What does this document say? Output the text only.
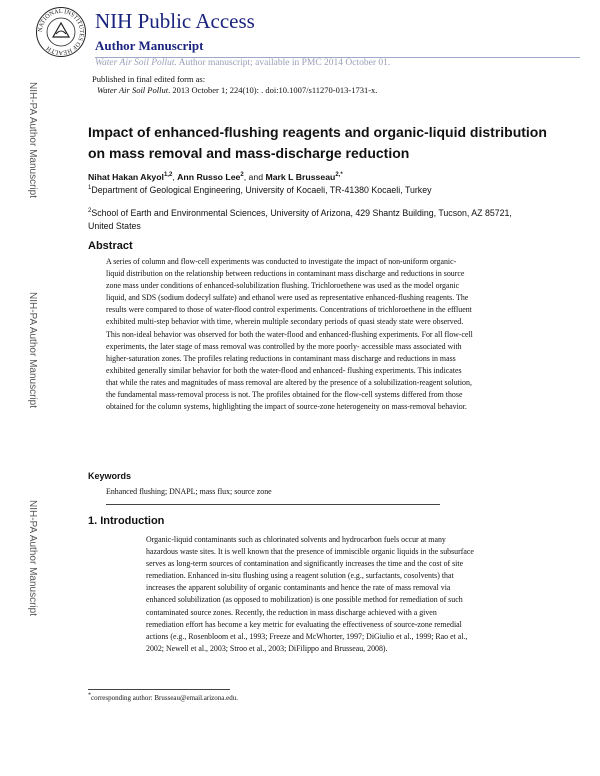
NATIONAL INSTITUTES OF HEALTH
NIH Public Access
Author Manuscript
Water Air Soil Pollut. Author manuscript; available in PMC 2014 October 01.
Published in final edited form as:
Water Air Soil Pollut. 2013 October 1; 224(10): . doi:10.1007/s11270-013-1731-x.
NIH-PA Author Manuscript
NIH-PA Author Manuscript
NIH-PA Author Manuscript
Impact of enhanced-flushing reagents and organic-liquid distribution on mass removal and mass-discharge reduction
Nihat Hakan Akyol$^{1,2}$, Ann Russo Lee$^2$, and Mark L Brusseau$^{2,*}$
$^1$Department of Geological Engineering, University of Kocaeli, TR-41380 Kocaeli, Turkey
$^2$School of Earth and Environmental Sciences, University of Arizona, 429 Shantz Building, Tucson, AZ 85721, United States
Abstract
A series of column and flow-cell experiments was conducted to investigate the impact of non-uniform organic-liquid distribution on the relationship between reductions in contaminant mass discharge and reductions in source zone mass under conditions of enhanced-solubilization flushing. Trichloroethene was used as the model organic liquid, and SDS (sodium dodecyl sulfate) and ethanol were used as representative enhanced-flushing reagents. The results were compared to those of water-flood control experiments. Concentrations of trichloroethene in the effluent exhibited multi-step behavior with time, wherein multiple secondary periods of quasi steady state were observed. This non-ideal behavior was observed for both the water-flood and enhanced-flushing experiments. For all flow-cell experiments, the later stage of mass removal was controlled by the more poorly- accessible mass associated with higher-saturation zones. The profiles relating reductions in contaminant mass discharge and reductions in mass exhibited generally similar behavior for both the water-flood and enhanced- flushing experiments. This indicates that while the rates and magnitudes of mass removal are altered by the presence of a solubilization-reagent solution, the fundamental mass-removal process is not. The profiles obtained for the flow-cell systems differed from those obtained for the column systems, highlighting the impact of source-zone heterogeneity on mass-removal behavior.
Keywords
Enhanced flushing; DNAPL; mass flux; source zone
1. Introduction
Organic-liquid contaminants such as chlorinated solvents and hydrocarbon fuels occur at many hazardous waste sites. It is well known that the presence of immiscible organic liquids in the subsurface serves as long-term sources of contamination and significantly increases the time and the cost of site remediation. Enhanced in-situ flushing using a reagent solution (e.g., surfactants, cosolvents) that increases the apparent solubility of organic contaminants and hence the rate of mass removal via enhanced solubilization (as opposed to mobilization) is one possible method for remediation of such contaminated source zones. Recently, the reduction in mass discharge achieved with a given remediation effort has become a key metric for evaluating the effectiveness of source-zone remedial actions (e.g., Rosenbloom et al., 1993; Freeze and McWhorter, 1997; DiGiulio et al., 1999; Rao et al., 2002; Newell et al., 2003; Stroo et al., 2003; DiFilippo and Brusseau, 2008).
*corresponding author: Brusseau@email.arizona.edu.
